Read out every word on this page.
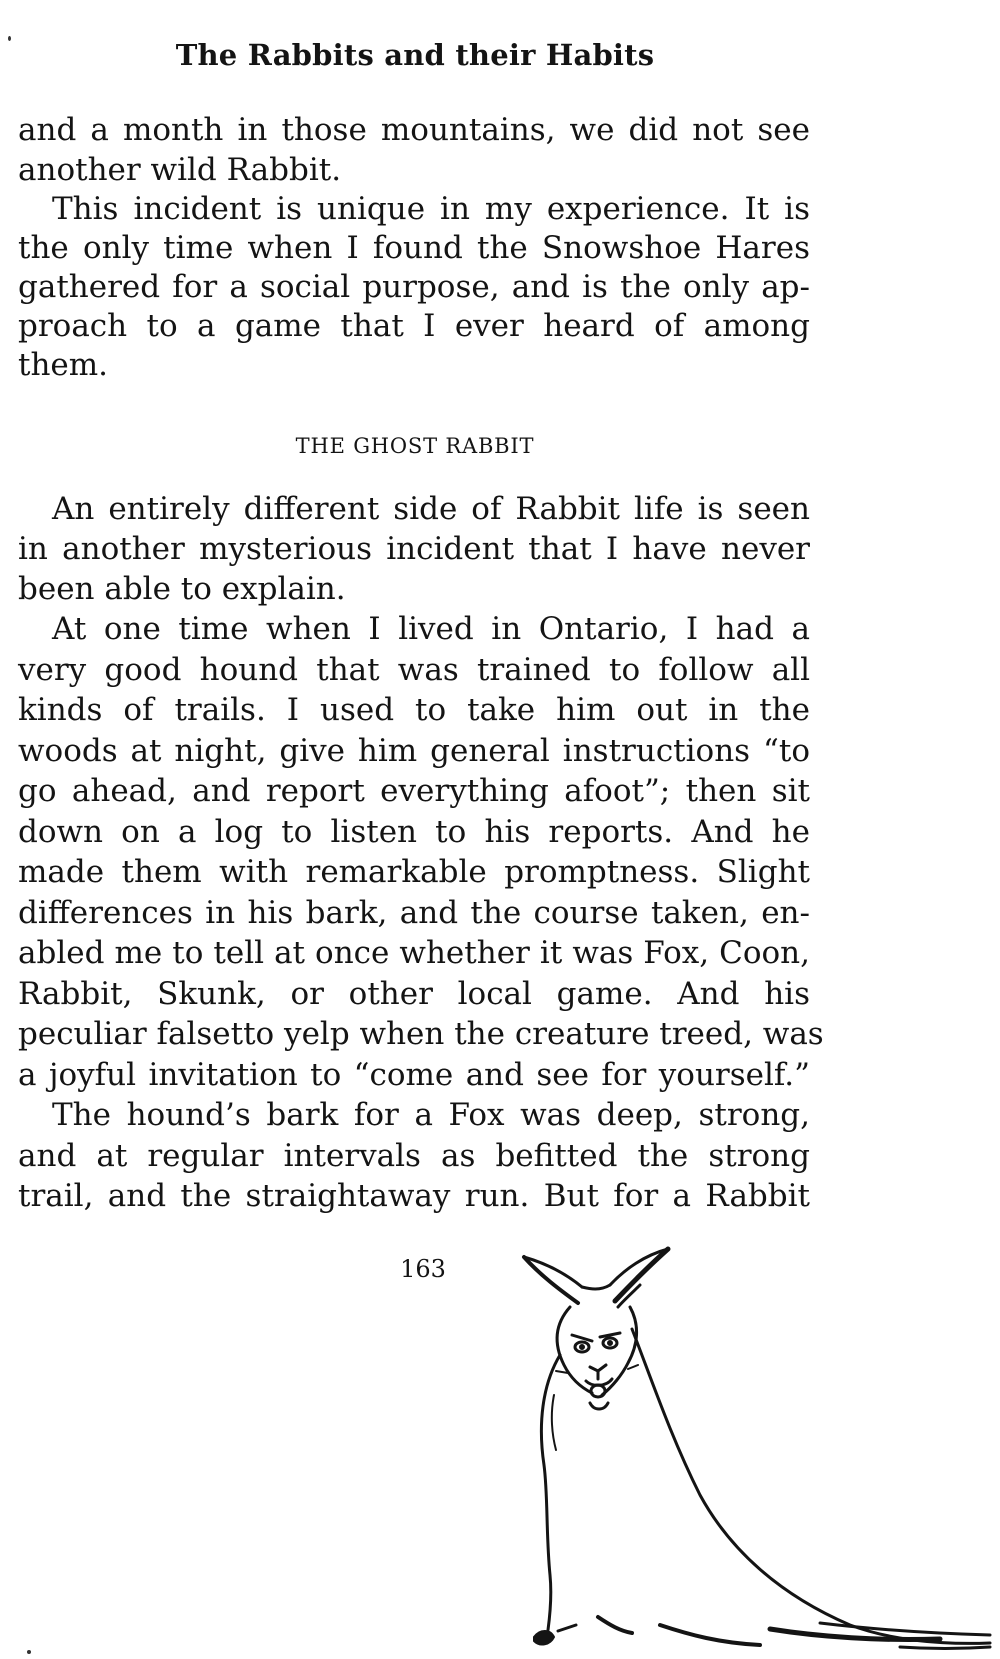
The Rabbits and their Habits
and a month in those mountains, we did not see
another wild Rabbit.
This incident is unique in my experience. It is
the only time when I found the Snowshoe Hares
gathered for a social purpose, and is the only ap-
proach to a game that I ever heard of among
them.
THE GHOST RABBIT
An entirely different side of Rabbit life is seen
in another mysterious incident that I have never
been able to explain.
At one time when I lived in Ontario, I had a
very good hound that was trained to follow all
kinds of trails. I used to take him out in the
woods at night, give him general instructions “to
go ahead, and report everything afoot”; then sit
down on a log to listen to his reports. And he
made them with remarkable promptness. Slight
differences in his bark, and the course taken, en-
abled me to tell at once whether it was Fox, Coon,
Rabbit, Skunk, or other local game. And his
peculiar falsetto yelp when the creature treed, was
a joyful invitation to “come and see for yourself.”
The hound’s bark for a Fox was deep, strong,
and at regular intervals as befitted the strong
trail, and the straightaway run. But for a Rabbit
163
